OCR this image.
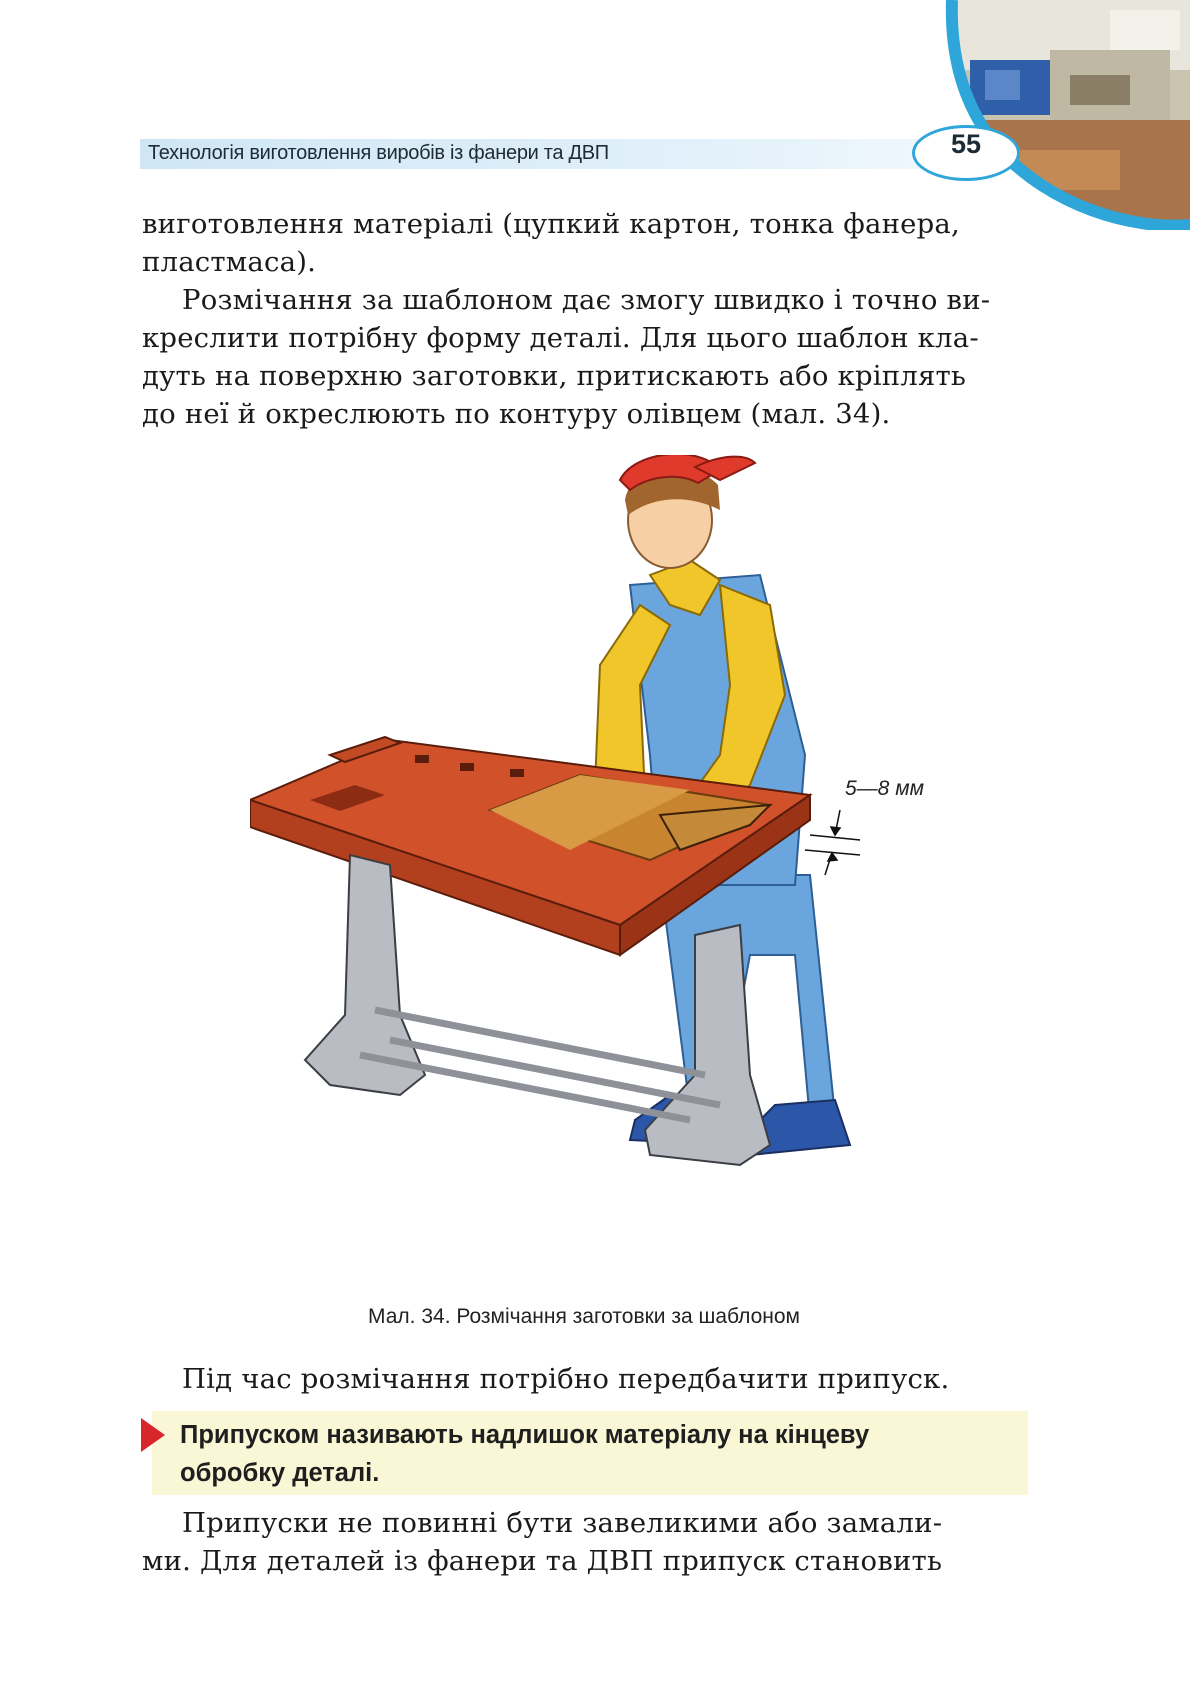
Технологія виготовлення виробів із фанери та ДВП	55
виготовлення матеріалі (цупкий картон, тонка фанера,
пластмаса).
Розмічання за шаблоном дає змогу швидко і точно ви-
креслити потрібну форму деталі. Для цього шаблон кла-
дуть на поверхню заготовки, притискають або кріплять
до неї й окреслюють по контуру олівцем (мал. 34).
5—8 мм
Мал. 34. Розмічання заготовки за шаблоном
Під час розмічання потрібно передбачити припуск.
Припуском називають надлишок матеріалу на кінцеву
обробку деталі.
Припуски не повинні бути завеликими або замали-
ми. Для деталей із фанери та ДВП припуск становить
